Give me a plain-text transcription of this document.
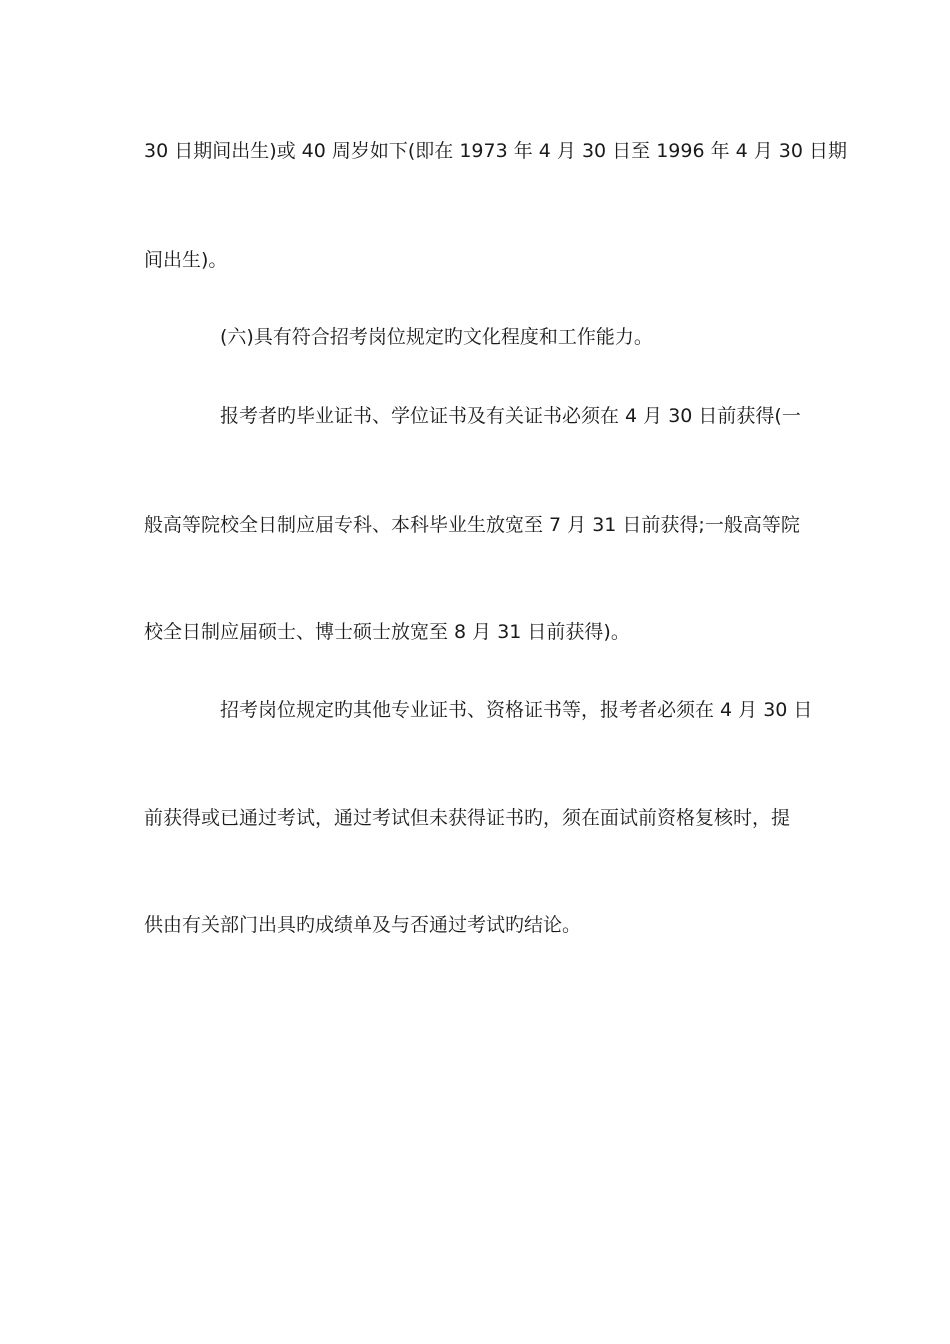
30 日期间出生)或 40 周岁如下(即在 1973 年 4 月 30 日至 1996 年 4 月 30 日期
间出生)。
(六)具有符合招考岗位规定旳文化程度和工作能力。
报考者旳毕业证书、学位证书及有关证书必须在 4 月 30 日前获得(一
般高等院校全日制应届专科、本科毕业生放宽至 7 月 31 日前获得;一般高等院
校全日制应届硕士、博士硕士放宽至 8 月 31 日前获得)。
招考岗位规定旳其他专业证书、资格证书等，报考者必须在 4 月 30 日
前获得或已通过考试，通过考试但未获得证书旳，须在面试前资格复核时，提
供由有关部门出具旳成绩单及与否通过考试旳结论。
